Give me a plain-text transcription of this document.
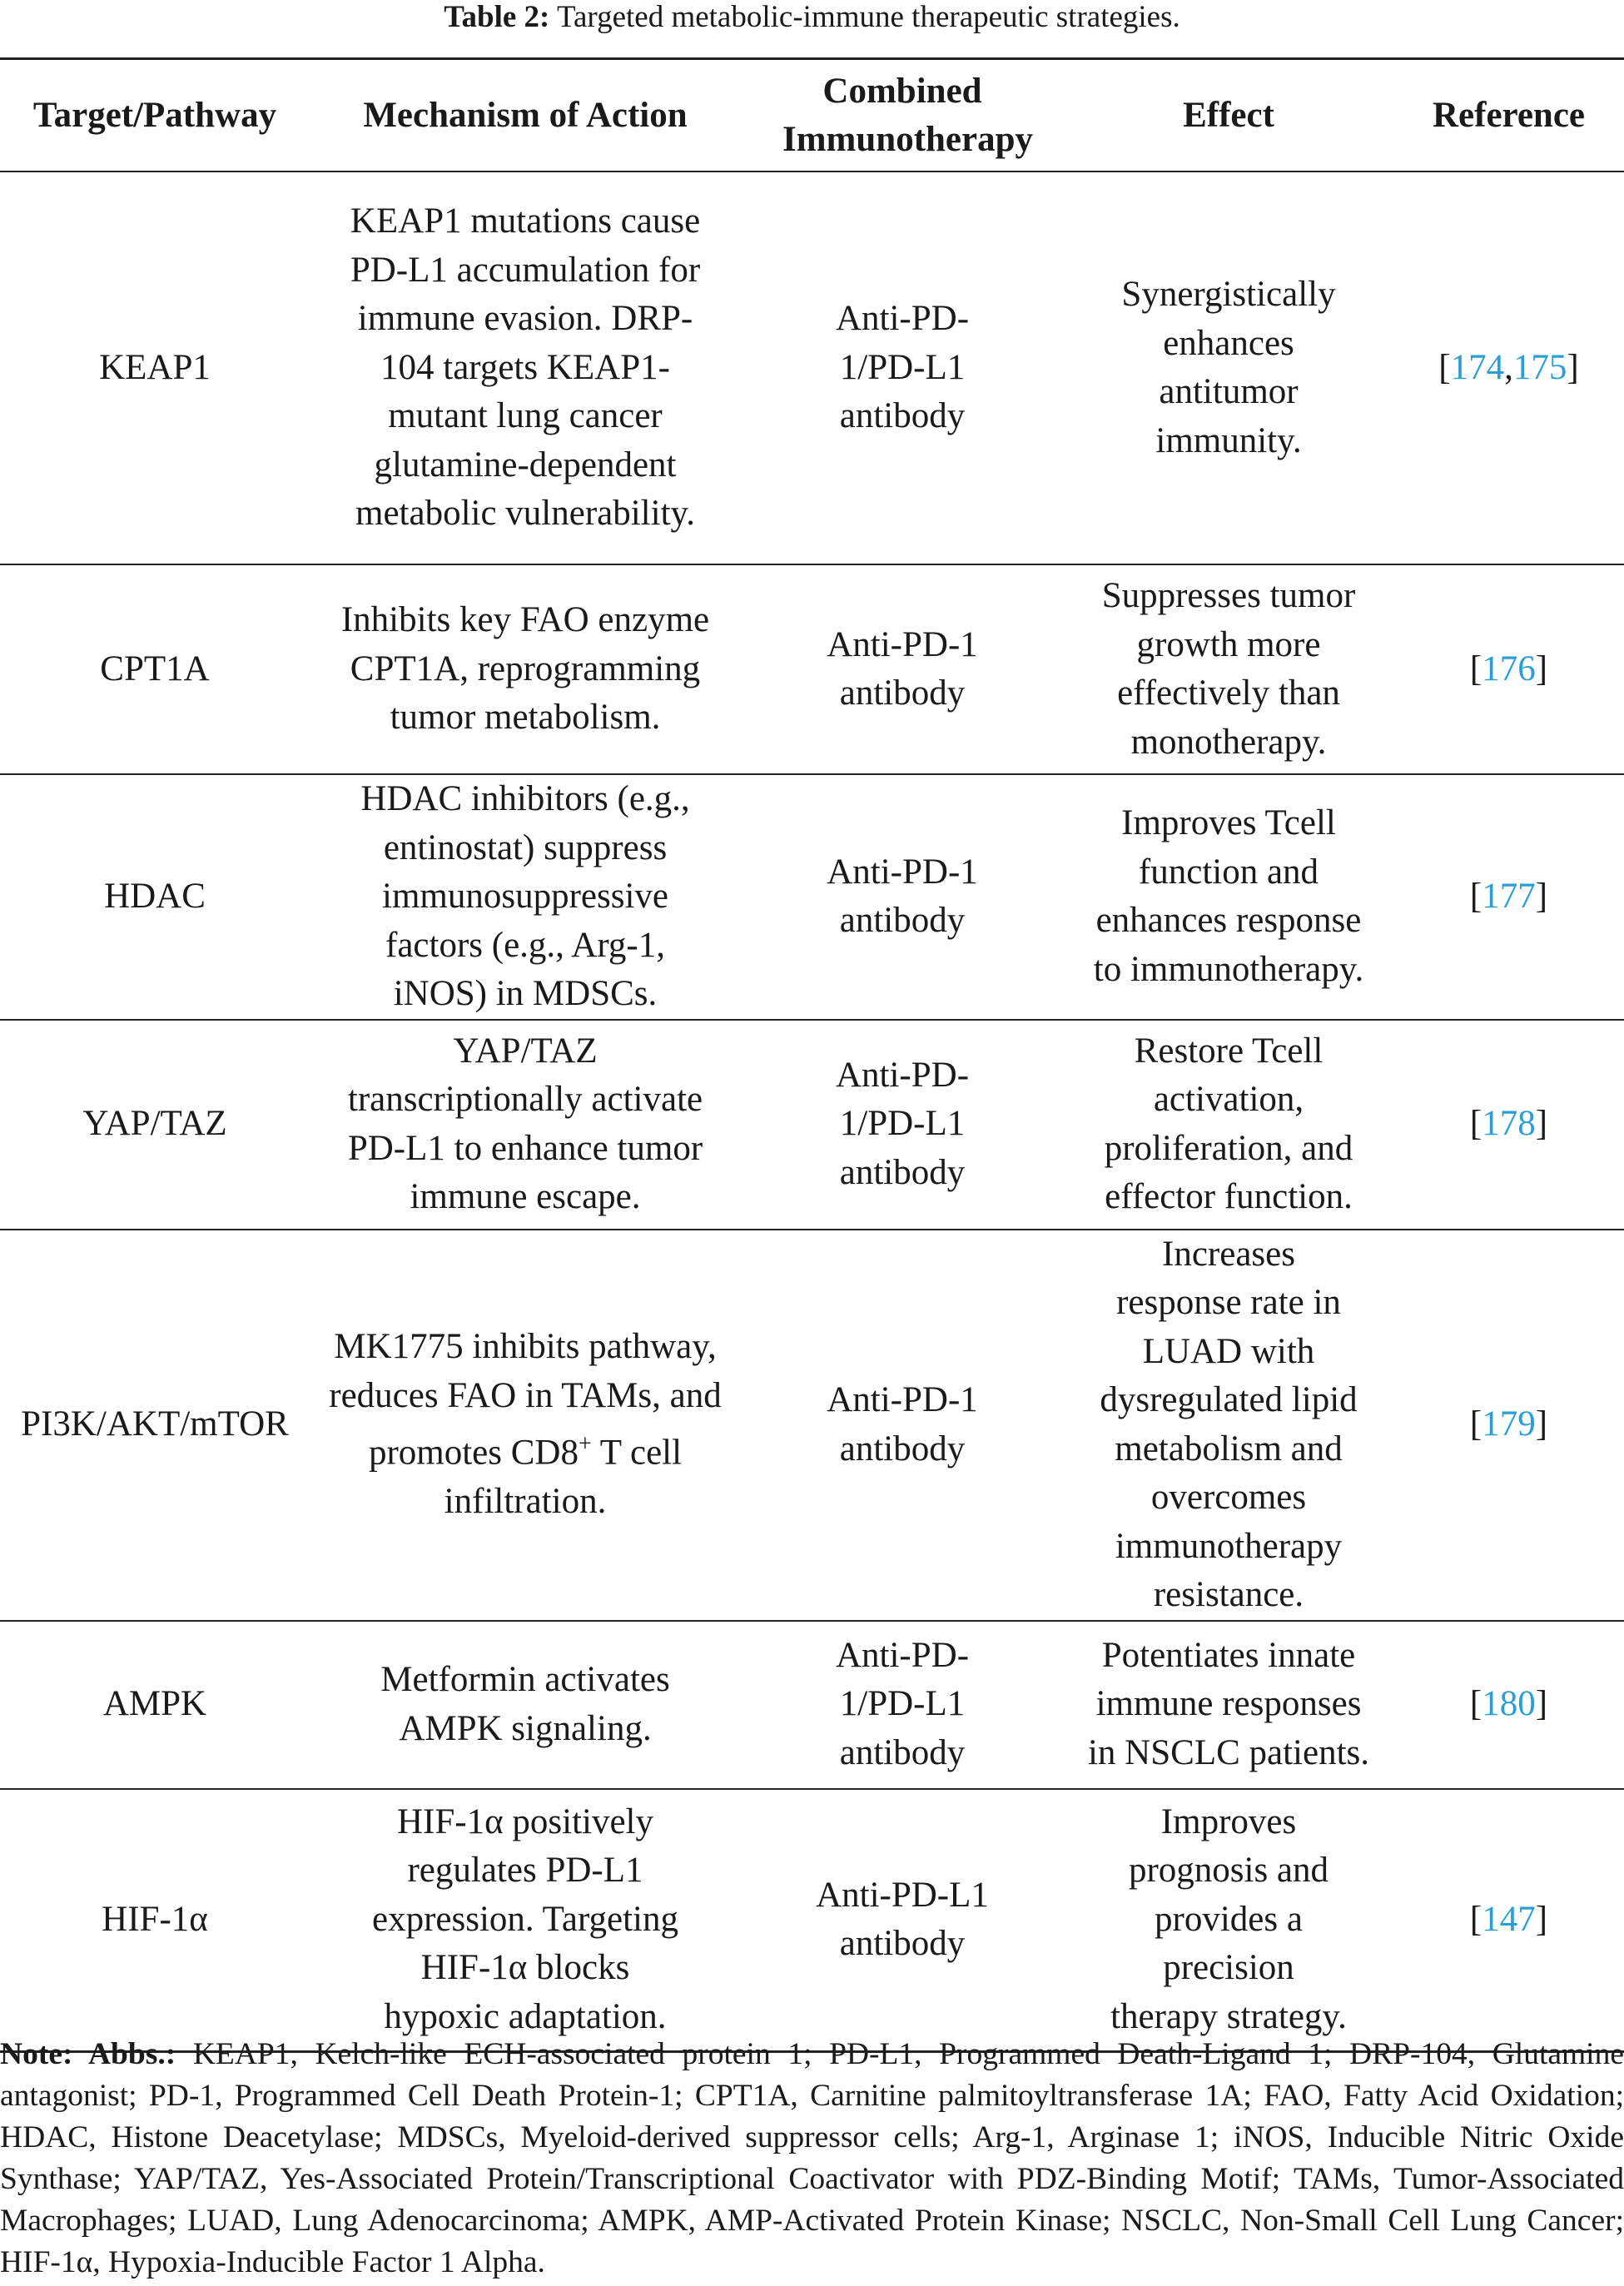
Table 2: Targeted metabolic-immune therapeutic strategies.
Target/Pathway	Mechanism of Action	Combined Immunotherapy	Effect	Reference
KEAP1	KEAP1 mutations cause PD-L1 accumulation for immune evasion. DRP-104 targets KEAP1-mutant lung cancer glutamine-dependent metabolic vulnerability.	Anti-PD-1/PD-L1 antibody	Synergistically enhances antitumor immunity.	[174,175]
CPT1A	Inhibits key FAO enzyme CPT1A, reprogramming tumor metabolism.	Anti-PD-1 antibody	Suppresses tumor growth more effectively than monotherapy.	[176]
HDAC	HDAC inhibitors (e.g., entinostat) suppress immunosuppressive factors (e.g., Arg-1, iNOS) in MDSCs.	Anti-PD-1 antibody	Improves Tcell function and enhances response to immunotherapy.	[177]
YAP/TAZ	YAP/TAZ transcriptionally activate PD-L1 to enhance tumor immune escape.	Anti-PD-1/PD-L1 antibody	Restore Tcell activation, proliferation, and effector function.	[178]
PI3K/AKT/mTOR	MK1775 inhibits pathway, reduces FAO in TAMs, and promotes CD8+ T cell infiltration.	Anti-PD-1 antibody	Increases response rate in LUAD with dysregulated lipid metabolism and overcomes immunotherapy resistance.	[179]
AMPK	Metformin activates AMPK signaling.	Anti-PD-1/PD-L1 antibody	Potentiates innate immune responses in NSCLC patients.	[180]
HIF-1α	HIF-1α positively regulates PD-L1 expression. Targeting HIF-1α blocks hypoxic adaptation.	Anti-PD-L1 antibody	Improves prognosis and provides a precision therapy strategy.	[147]
Note: Abbs.: KEAP1, Kelch-like ECH-associated protein 1; PD-L1, Programmed Death-Ligand 1; DRP-104, Glutamine antagonist; PD-1, Programmed Cell Death Protein-1; CPT1A, Carnitine palmitoyltransferase 1A; FAO, Fatty Acid Oxidation; HDAC, Histone Deacetylase; MDSCs, Myeloid-derived suppressor cells; Arg-1, Arginase 1; iNOS, Inducible Nitric Oxide Synthase; YAP/TAZ, Yes-Associated Protein/Transcriptional Coactivator with PDZ-Binding Motif; TAMs, Tumor-Associated Macrophages; LUAD, Lung Adenocarcinoma; AMPK, AMP-Activated Protein Kinase; NSCLC, Non-Small Cell Lung Cancer; HIF-1α, Hypoxia-Inducible Factor 1 Alpha.
